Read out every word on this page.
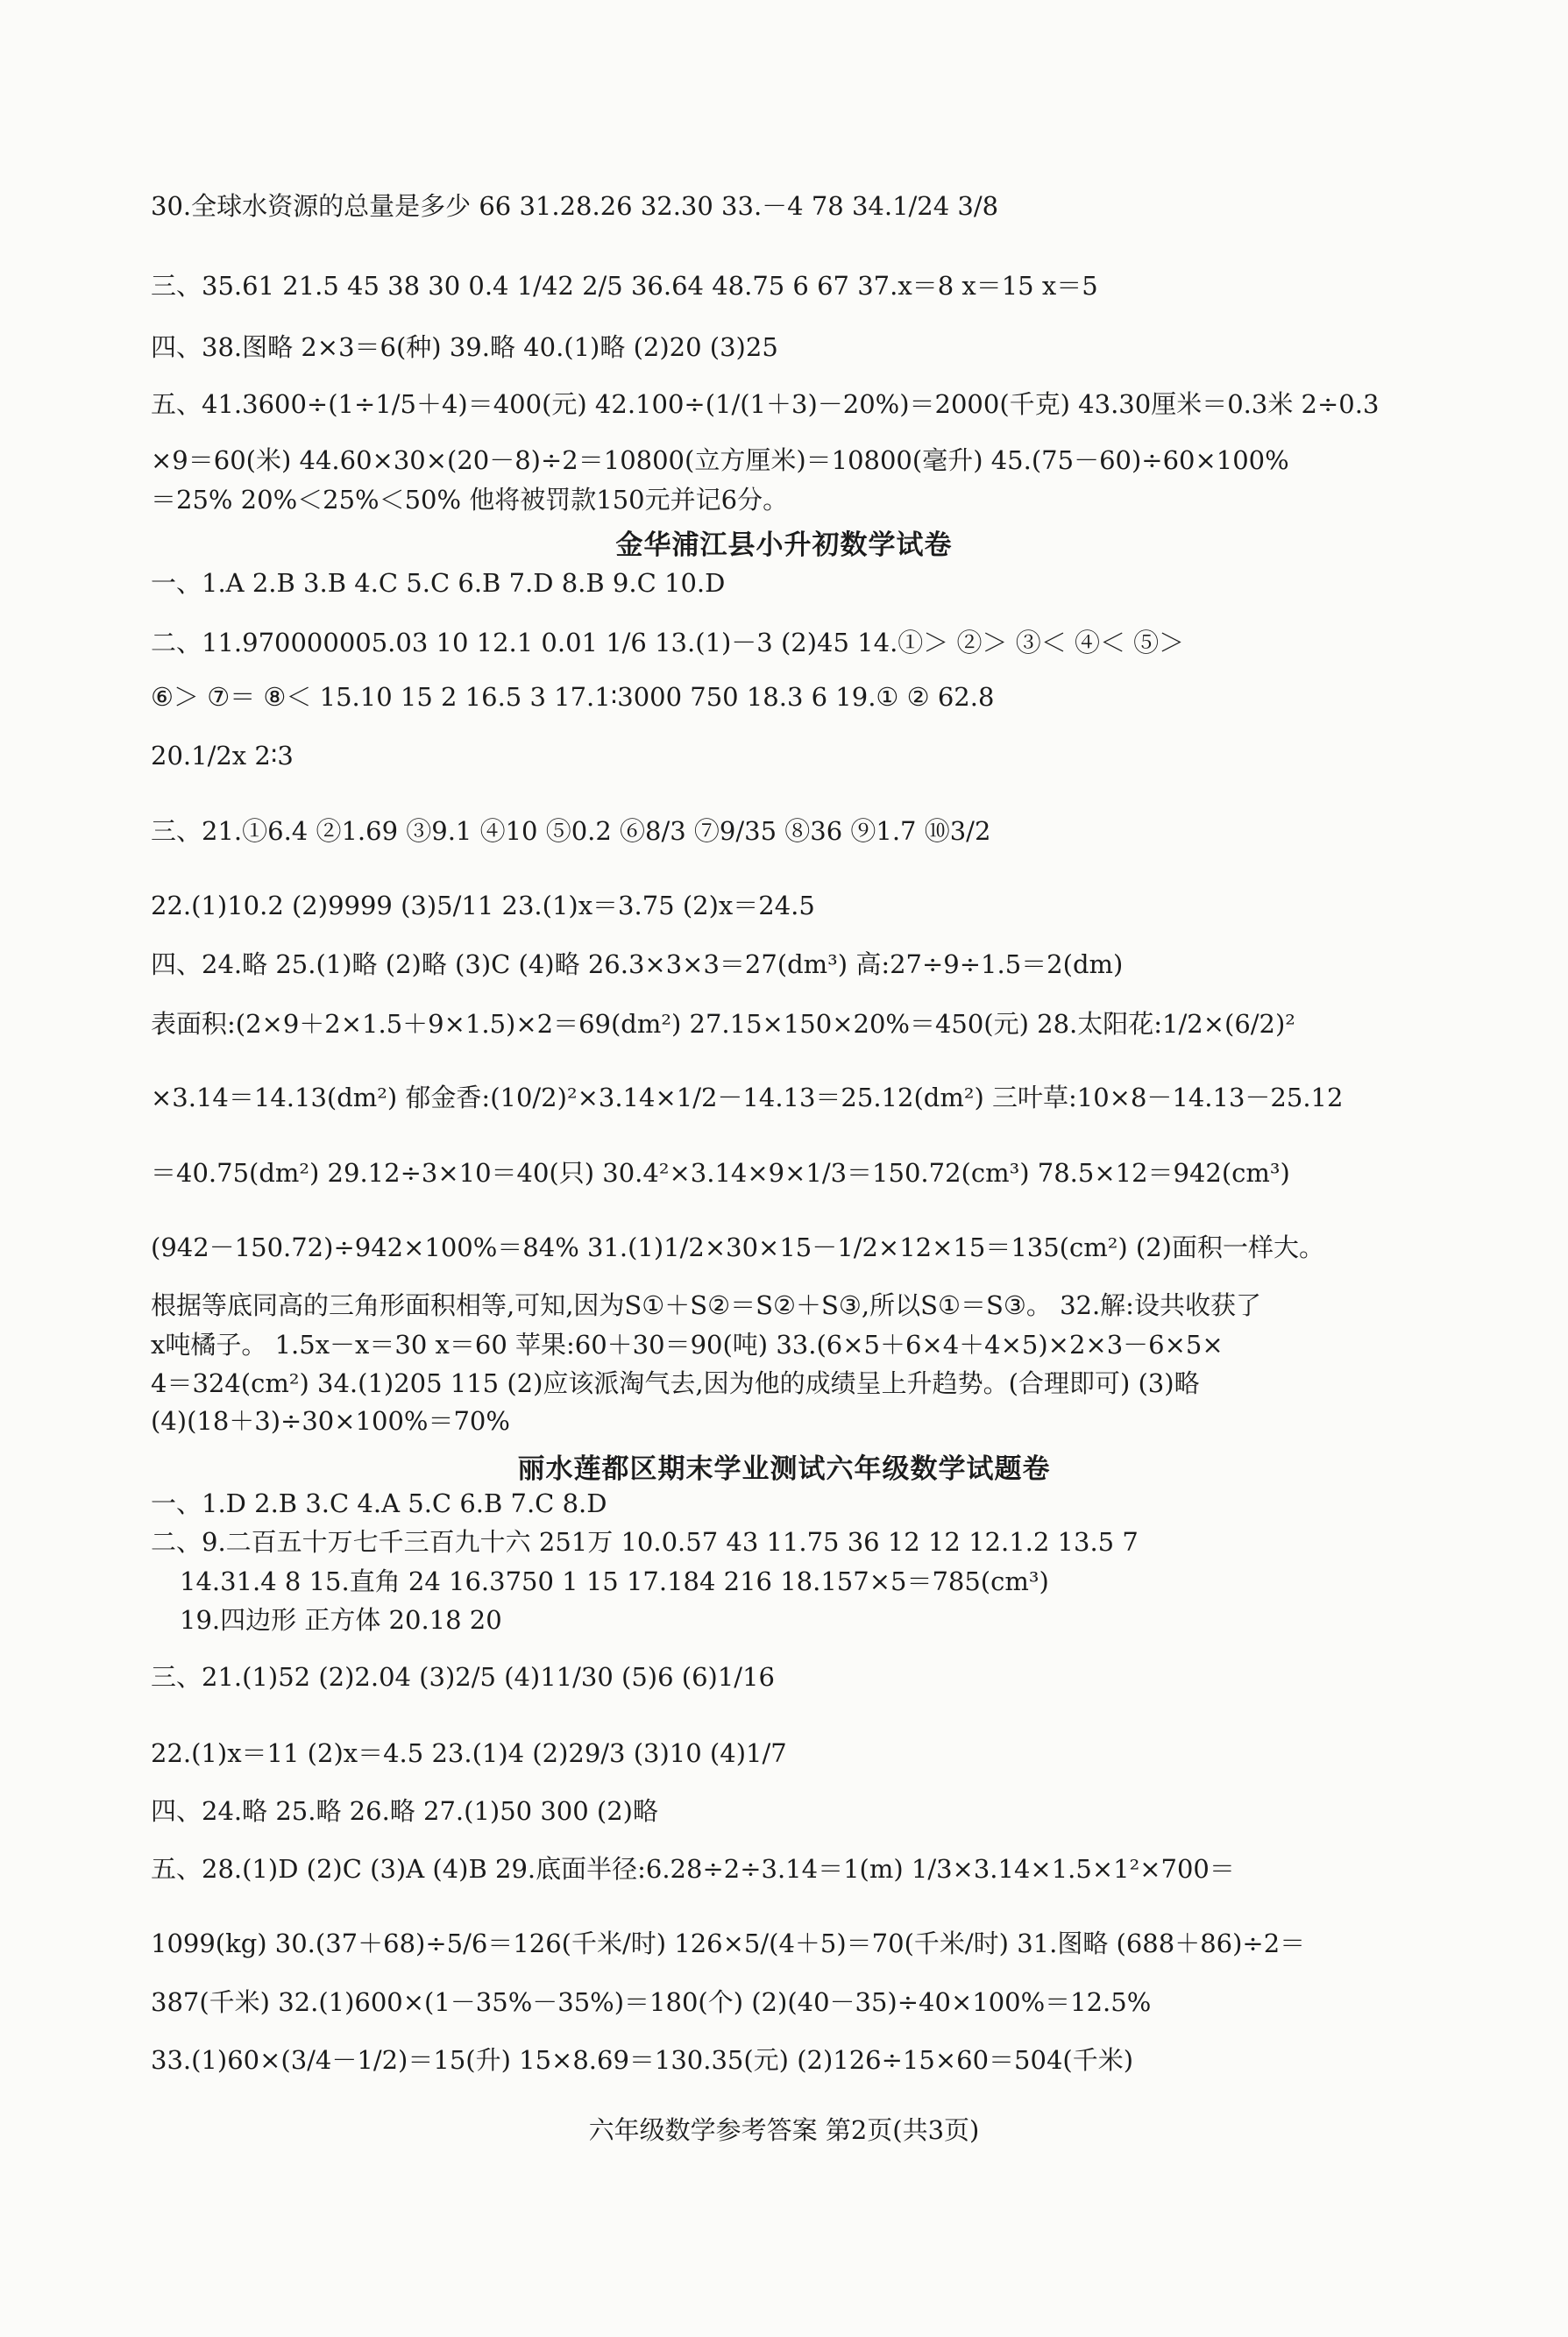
30.全球水资源的总量是多少 66 31.28.26 32.30 33.－4 78 34.1/24 3/8
三、35.61 21.5 45 38 30 0.4 1/42 2/5 36.64 48.75 6 67 37.x＝8 x＝15 x＝5
四、38.图略 2×3＝6(种) 39.略 40.(1)略 (2)20 (3)25
五、41.3600÷(1÷1/5＋4)＝400(元) 42.100÷(1/(1＋3)－20%)＝2000(千克) 43.30厘米＝0.3米 2÷0.3
×9＝60(米) 44.60×30×(20－8)÷2＝10800(立方厘米)＝10800(毫升) 45.(75－60)÷60×100%
＝25% 20%＜25%＜50% 他将被罚款150元并记6分。
金华浦江县小升初数学试卷
一、1.A 2.B 3.B 4.C 5.C 6.B 7.D 8.B 9.C 10.D
二、11.970000005.03 10 12.1 0.01 1/6 13.(1)－3 (2)45 14.①＞ ②＞ ③＜ ④＜ ⑤＞
⑥＞ ⑦＝ ⑧＜ 15.10 15 2 16.5 3 17.1∶3000 750 18.3 6 19.① ② 62.8
20.1/2x 2∶3
三、21.①6.4 ②1.69 ③9.1 ④10 ⑤0.2 ⑥8/3 ⑦9/35 ⑧36 ⑨1.7 ⑩3/2
22.(1)10.2 (2)9999 (3)5/11 23.(1)x＝3.75 (2)x＝24.5
四、24.略 25.(1)略 (2)略 (3)C (4)略 26.3×3×3＝27(dm³) 高:27÷9÷1.5＝2(dm)
表面积:(2×9＋2×1.5＋9×1.5)×2＝69(dm²) 27.15×150×20%＝450(元) 28.太阳花:1/2×(6/2)²
×3.14＝14.13(dm²) 郁金香:(10/2)²×3.14×1/2－14.13＝25.12(dm²) 三叶草:10×8－14.13－25.12
＝40.75(dm²) 29.12÷3×10＝40(只) 30.4²×3.14×9×1/3＝150.72(cm³) 78.5×12＝942(cm³)
(942－150.72)÷942×100%＝84% 31.(1)1/2×30×15－1/2×12×15＝135(cm²) (2)面积一样大。
根据等底同高的三角形面积相等,可知,因为S①＋S②＝S②＋S③,所以S①＝S③。 32.解:设共收获了
x吨橘子。 1.5x－x＝30 x＝60 苹果:60＋30＝90(吨) 33.(6×5＋6×4＋4×5)×2×3－6×5×
4＝324(cm²) 34.(1)205 115 (2)应该派淘气去,因为他的成绩呈上升趋势。(合理即可) (3)略
(4)(18＋3)÷30×100%＝70%
丽水莲都区期末学业测试六年级数学试题卷
一、1.D 2.B 3.C 4.A 5.C 6.B 7.C 8.D
二、9.二百五十万七千三百九十六 251万 10.0.57 43 11.75 36 12 12 12.1.2 13.5 7
14.31.4 8 15.直角 24 16.3750 1 15 17.184 216 18.157×5＝785(cm³)
19.四边形 正方体 20.18 20
三、21.(1)52 (2)2.04 (3)2/5 (4)11/30 (5)6 (6)1/16
22.(1)x＝11 (2)x＝4.5 23.(1)4 (2)29/3 (3)10 (4)1/7
四、24.略 25.略 26.略 27.(1)50 300 (2)略
五、28.(1)D (2)C (3)A (4)B 29.底面半径:6.28÷2÷3.14＝1(m) 1/3×3.14×1.5×1²×700＝
1099(kg) 30.(37＋68)÷5/6＝126(千米/时) 126×5/(4＋5)＝70(千米/时) 31.图略 (688＋86)÷2＝
387(千米) 32.(1)600×(1－35%－35%)＝180(个) (2)(40－35)÷40×100%＝12.5%
33.(1)60×(3/4－1/2)＝15(升) 15×8.69＝130.35(元) (2)126÷15×60＝504(千米)
六年级数学参考答案 第2页(共3页)
